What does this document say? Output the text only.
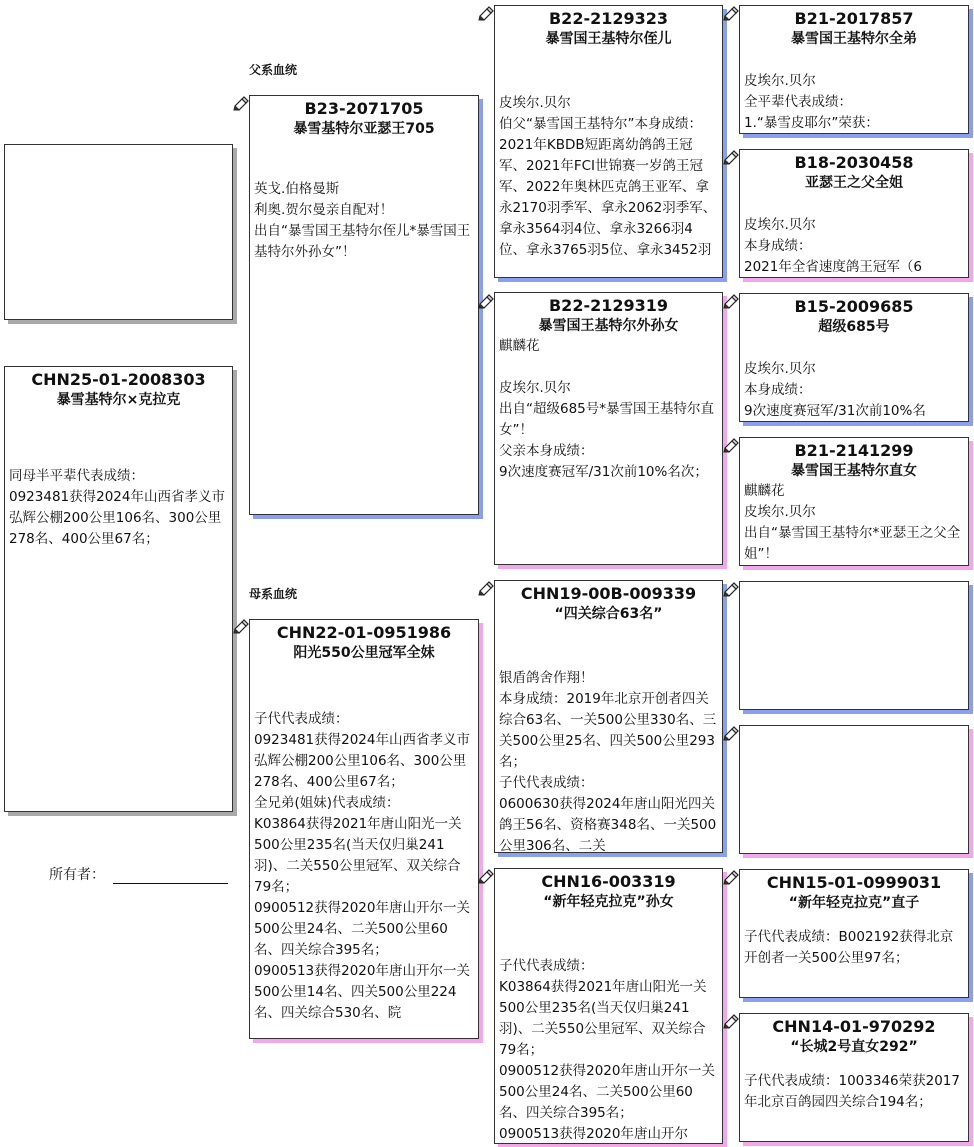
CHN25-01-2008303
暴雪基特尔×克拉克
同母半平辈代表成绩：
0923481获得2024年山西省孝义市弘辉公棚200公里106名、300公里278名、400公里67名；
所有者：
父系血统
母系血统
B23-2071705
暴雪基特尔亚瑟王705
英戈.伯格曼斯
利奥.贺尔曼亲自配对！
出自“暴雪国王基特尔侄儿*暴雪国王基特尔外孙女”！
CHN22-01-0951986
阳光550公里冠军全妹
子代代表成绩：
0923481获得2024年山西省孝义市弘辉公棚200公里106名、300公里278名、400公里67名；
全兄弟(姐妹)代表成绩：
K03864获得2021年唐山阳光一关500公里235名(当天仅归巢241羽)、二关550公里冠军、双关综合79名；
0900512获得2020年唐山开尔一关500公里24名、二关500公里60名、四关综合395名；
0900513获得2020年唐山开尔一关500公里14名、四关500公里224名、四关综合530名、院
B22-2129323
暴雪国王基特尔侄儿
皮埃尔.贝尔
伯父“暴雪国王基特尔”本身成绩：2021年KBDB短距离幼鸽鸽王冠军、2021年FCI世锦赛一岁鸽王冠军、2022年奥林匹克鸽王亚军、拿永2170羽季军、拿永2062羽季军、拿永3564羽4位、拿永3266羽4位、拿永3765羽5位、拿永3452羽
B22-2129319
暴雪国王基特尔外孙女
麒麟花

皮埃尔.贝尔
出自“超级685号*暴雪国王基特尔直女”！
父亲本身成绩：
9次速度赛冠军/31次前10%名次；
CHN19-00B-009339
“四关综合63名”
银盾鸽舍作翔！
本身成绩：2019年北京开创者四关综合63名、一关500公里330名、三关500公里25名、四关500公里293名；
子代代表成绩：
0600630获得2024年唐山阳光四关鸽王56名、资格赛348名、一关500公里306名、二关
CHN16-003319
“新年轻克拉克”孙女
子代代表成绩：
K03864获得2021年唐山阳光一关500公里235名(当天仅归巢241羽)、二关550公里冠军、双关综合79名；
0900512获得2020年唐山开尔一关500公里24名、二关500公里60名、四关综合395名；
0900513获得2020年唐山开尔
B21-2017857
暴雪国王基特尔全弟
皮埃尔.贝尔
全平辈代表成绩：
1.“暴雪皮耶尔”荣获：
B18-2030458
亚瑟王之父全姐
皮埃尔.贝尔
本身成绩：
2021年全省速度鸽王冠军（6
B15-2009685
超级685号
皮埃尔.贝尔
本身成绩：
9次速度赛冠军/31次前10%名
B21-2141299
暴雪国王基特尔直女
麒麟花
皮埃尔.贝尔
出自“暴雪国王基特尔*亚瑟王之父全姐”！
CHN15-01-0999031
“新年轻克拉克”直子
子代代表成绩：B002192获得北京开创者一关500公里97名；
CHN14-01-970292
“长城2号直女292”
子代代表成绩：1003346荣获2017年北京百鸽园四关综合194名；
